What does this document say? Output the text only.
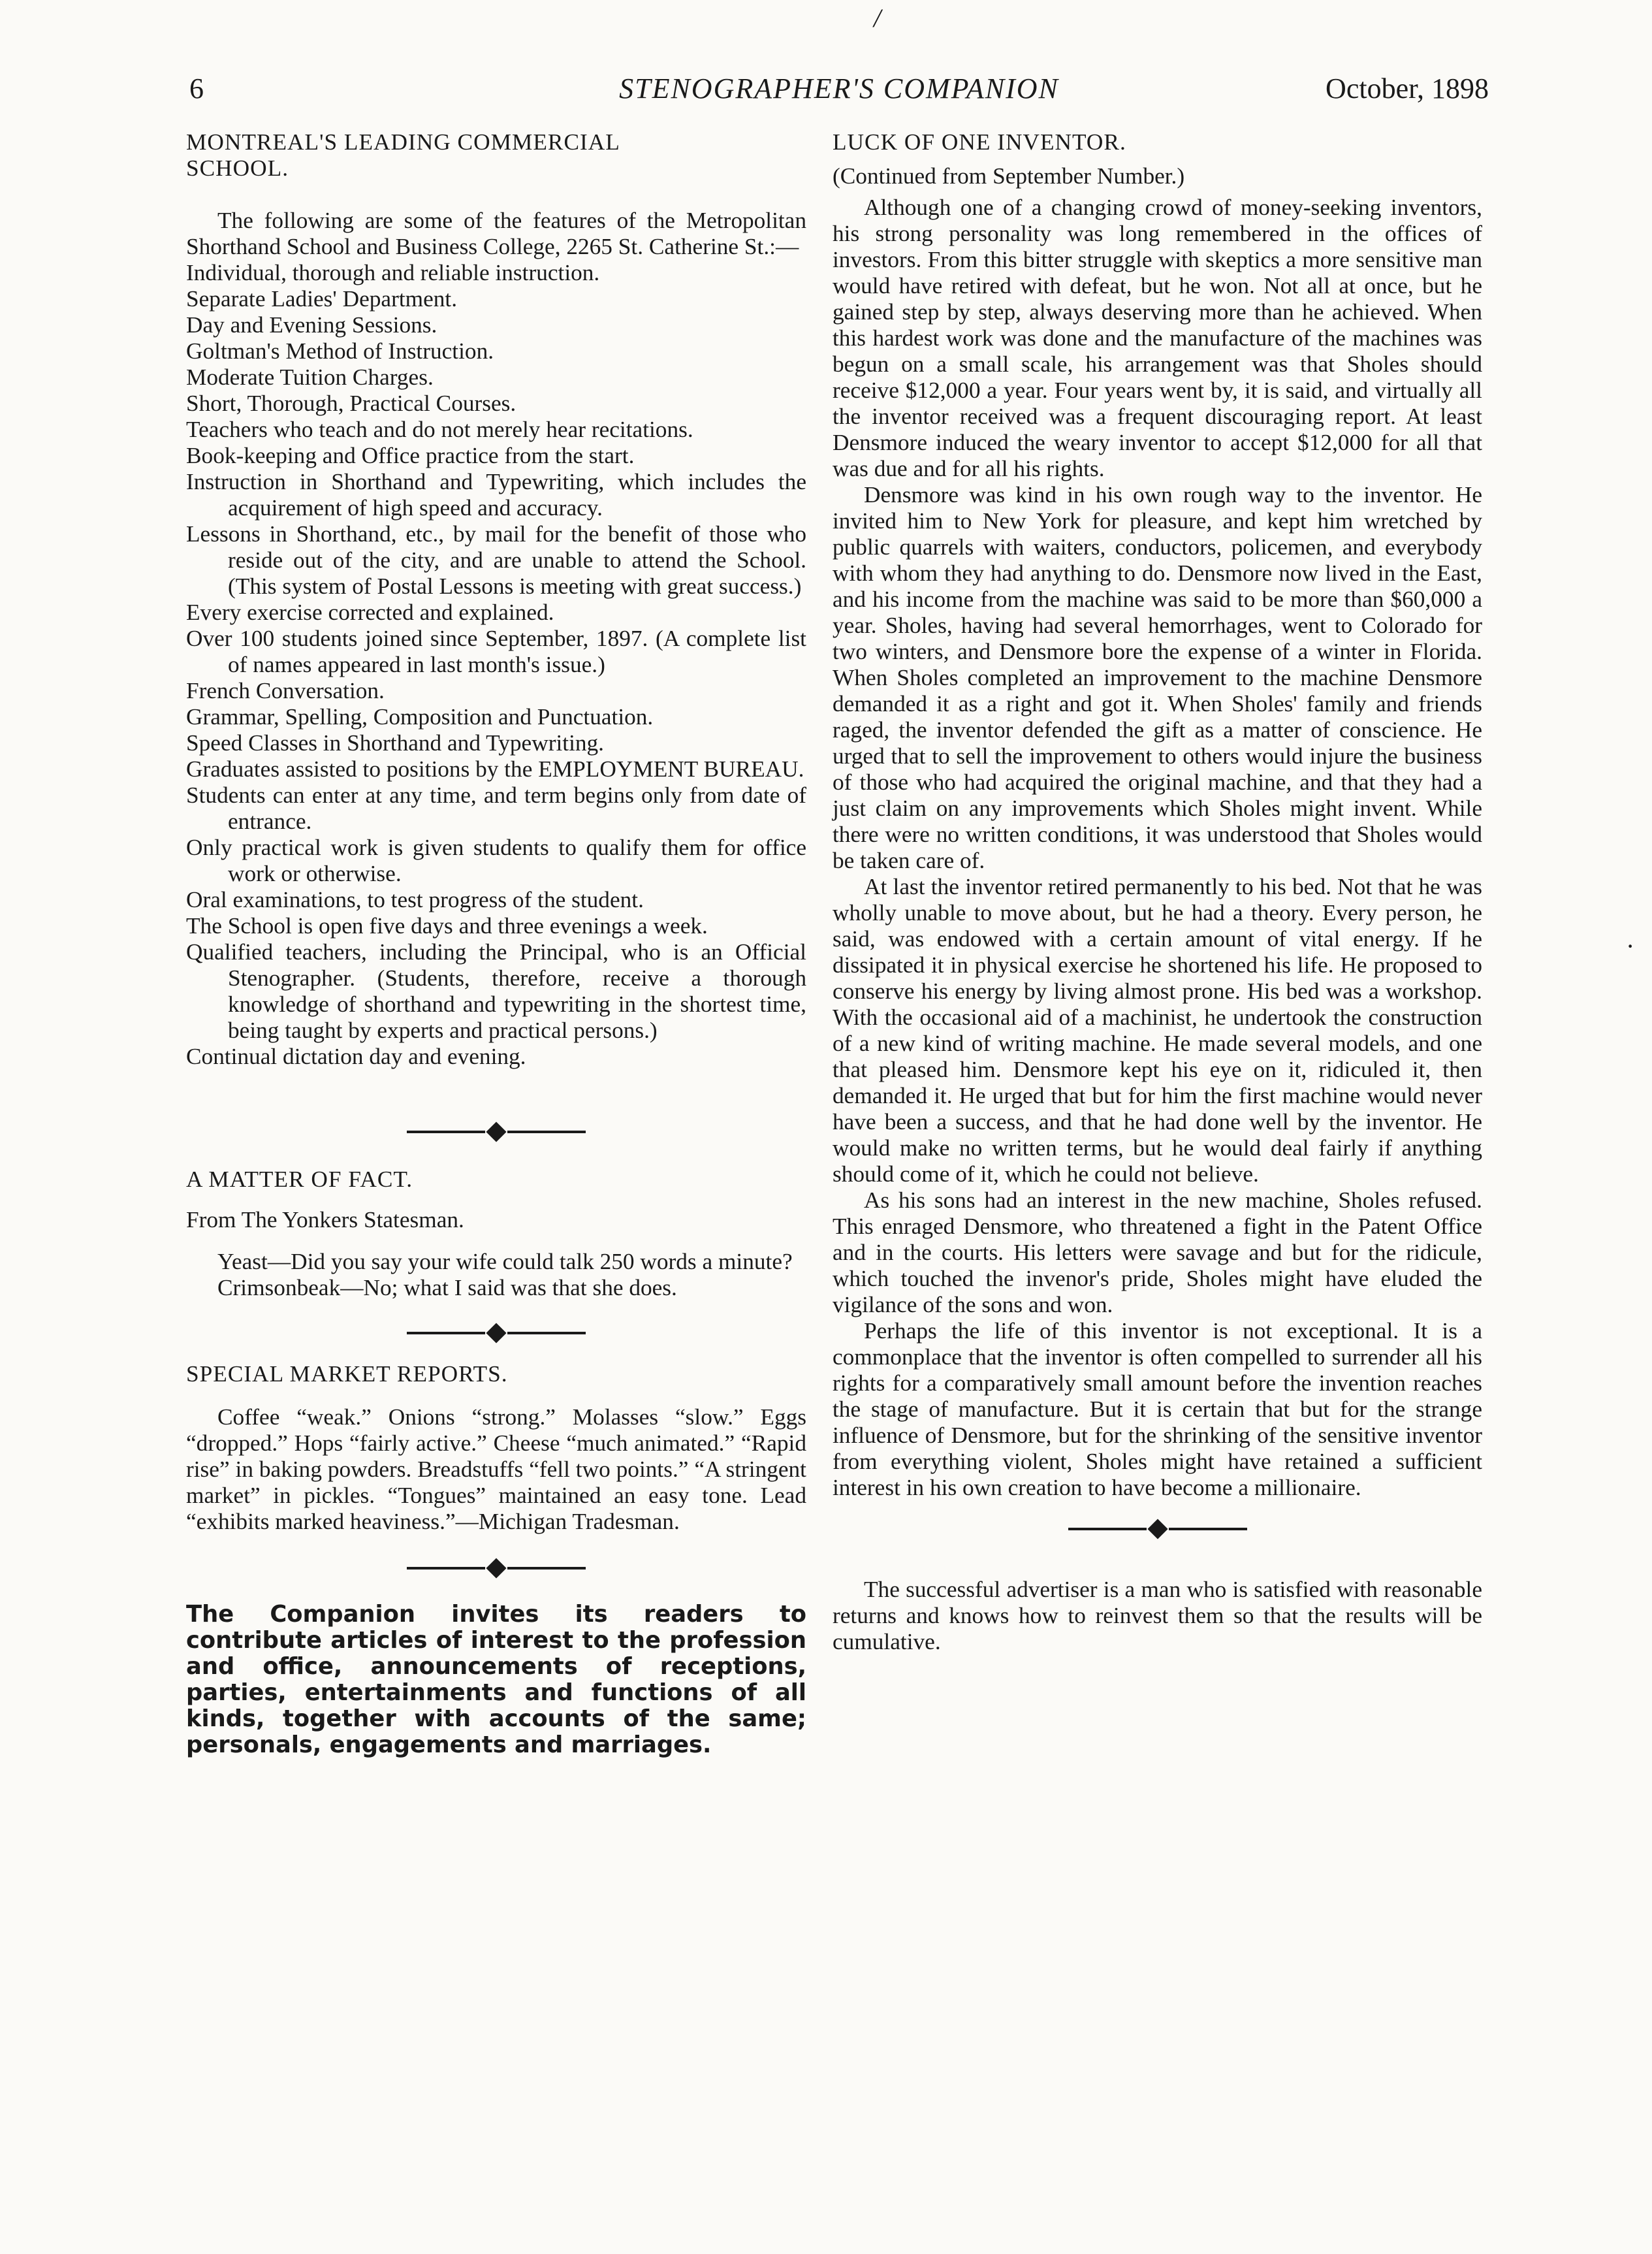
/
·
6	STENOGRAPHER'S COMPANION	October, 1898

MONTREAL'S LEADING COMMERCIAL

SCHOOL.

The following are some of the features of the Metropolitan Shorthand School and Business College, 2265 St. Catherine St.:—

Individual, thorough and reliable instruction.

Separate Ladies' Department.

Day and Evening Sessions.

Goltman's Method of Instruction.

Moderate Tuition Charges.

Short, Thorough, Practical Courses.

Teachers who teach and do not merely hear recitations.

Book-keeping and Office practice from the start.

Instruction in Shorthand and Typewriting, which includes the acquirement of high speed and accuracy.

Lessons in Shorthand, etc., by mail for the benefit of those who reside out of the city, and are unable to attend the School. (This system of Postal Lessons is meeting with great success.)

Every exercise corrected and explained.

Over 100 students joined since September, 1897. (A complete list of names appeared in last month's issue.)

French Conversation.

Grammar, Spelling, Composition and Punctuation.

Speed Classes in Shorthand and Typewriting.

Graduates assisted to positions by the EMPLOYMENT BUREAU.

Students can enter at any time, and term begins only from date of entrance.

Only practical work is given students to qualify them for office work or otherwise.

Oral examinations, to test progress of the student.

The School is open five days and three evenings a week.

Qualified teachers, including the Principal, who is an Official Stenographer. (Students, therefore, receive a thorough knowledge of shorthand and typewriting in the shortest time, being taught by experts and practical persons.)

Continual dictation day and evening.

A MATTER OF FACT.

From The Yonkers Statesman.

Yeast—Did you say your wife could talk 250 words a minute?

Crimsonbeak—No; what I said was that she does.

SPECIAL MARKET REPORTS.

Coffee “weak.” Onions “strong.” Molasses “slow.” Eggs “dropped.” Hops “fairly active.” Cheese “much animated.” “Rapid rise” in baking powders. Breadstuffs “fell two points.” “A stringent market” in pickles. “Tongues” maintained an easy tone. Lead “exhibits marked heaviness.”—Michigan Tradesman.

The Companion invites its readers to contribute articles of interest to the profession and office, announcements of receptions, parties, entertainments and functions of all kinds, together with accounts of the same; personals, engagements and marriages.

LUCK OF ONE INVENTOR.

(Continued from September Number.)

Although one of a changing crowd of money-seeking inventors, his strong personality was long remembered in the offices of investors. From this bitter struggle with skeptics a more sensitive man would have retired with defeat, but he won. Not all at once, but he gained step by step, always deserving more than he achieved. When this hardest work was done and the manufacture of the machines was begun on a small scale, his arrangement was that Sholes should receive $12,000 a year. Four years went by, it is said, and virtually all the inventor received was a frequent discouraging report. At least Densmore induced the weary inventor to accept $12,000 for all that was due and for all his rights.

Densmore was kind in his own rough way to the inventor. He invited him to New York for pleasure, and kept him wretched by public quarrels with waiters, conductors, policemen, and everybody with whom they had anything to do. Densmore now lived in the East, and his income from the machine was said to be more than $60,000 a year. Sholes, having had several hemorrhages, went to Colorado for two winters, and Densmore bore the expense of a winter in Florida. When Sholes completed an improvement to the machine Densmore demanded it as a right and got it. When Sholes' family and friends raged, the inventor defended the gift as a matter of conscience. He urged that to sell the improvement to others would injure the business of those who had acquired the original machine, and that they had a just claim on any improvements which Sholes might invent. While there were no written conditions, it was understood that Sholes would be taken care of.

At last the inventor retired permanently to his bed. Not that he was wholly unable to move about, but he had a theory. Every person, he said, was endowed with a certain amount of vital energy. If he dissipated it in physical exercise he shortened his life. He proposed to conserve his energy by living almost prone. His bed was a workshop. With the occasional aid of a machinist, he undertook the construction of a new kind of writing machine. He made several models, and one that pleased him. Densmore kept his eye on it, ridiculed it, then demanded it. He urged that but for him the first machine would never have been a success, and that he had done well by the inventor. He would make no written terms, but he would deal fairly if anything should come of it, which he could not believe.

As his sons had an interest in the new machine, Sholes refused. This enraged Densmore, who threatened a fight in the Patent Office and in the courts. His letters were savage and but for the ridicule, which touched the invenor's pride, Sholes might have eluded the vigilance of the sons and won.

Perhaps the life of this inventor is not exceptional. It is a commonplace that the inventor is often compelled to surrender all his rights for a comparatively small amount before the invention reaches the stage of manufacture. But it is certain that but for the strange influence of Densmore, but for the shrinking of the sensitive inventor from everything violent, Sholes might have retained a sufficient interest in his own creation to have become a millionaire.

The successful advertiser is a man who is satisfied with reasonable returns and knows how to reinvest them so that the results will be cumulative.
